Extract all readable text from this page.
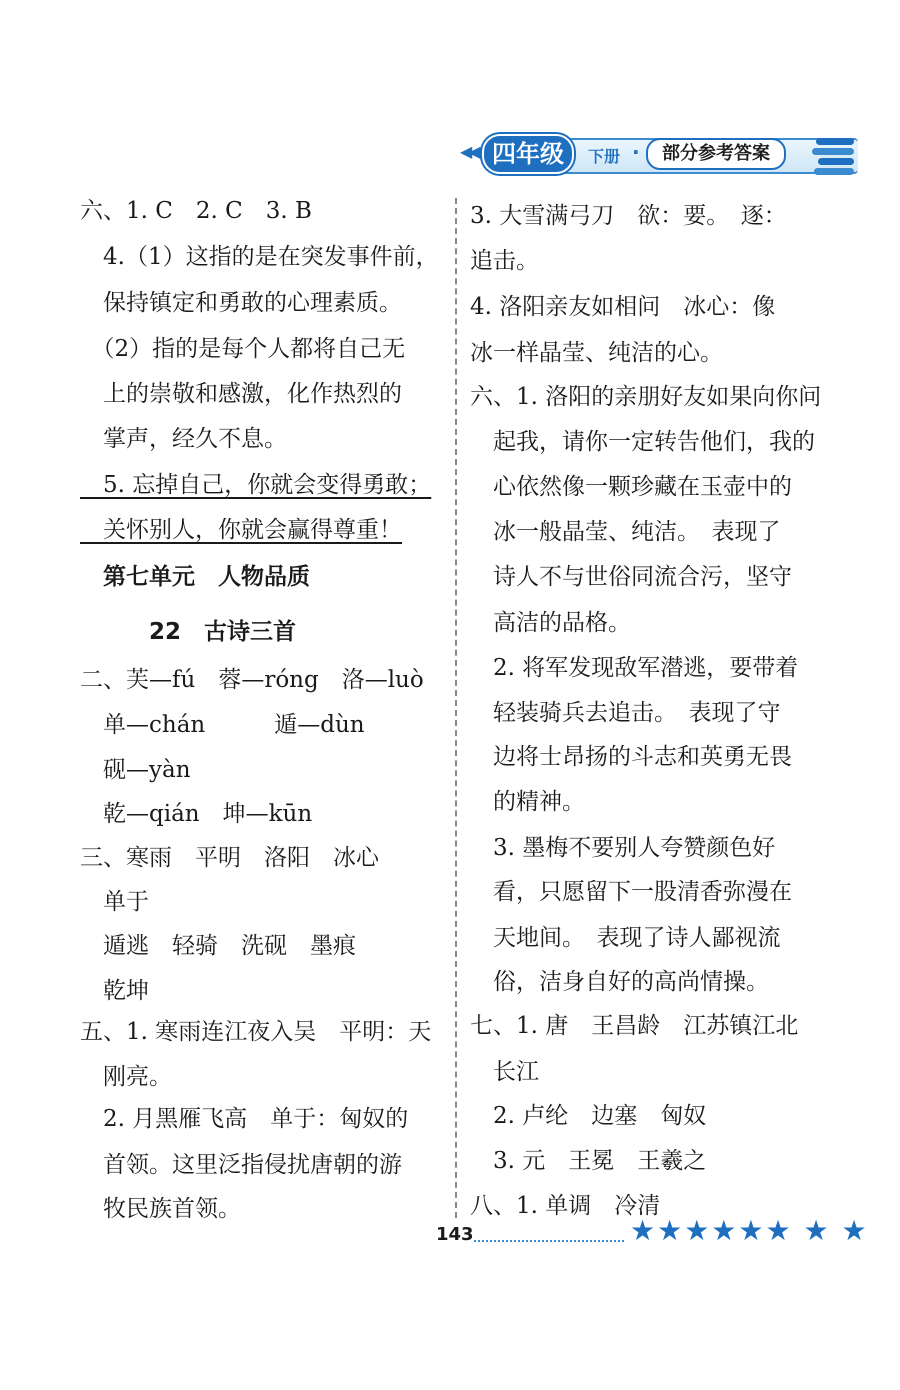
◀◀ 四年级	下册 ·	部分参考答案
六、1. C　2. C　3. B
　4.（1）这指的是在突发事件前，
　保持镇定和勇敢的心理素质。
　（2）指的是每个人都将自己无
　上的崇敬和感激，化作热烈的
　掌声，经久不息。
　5. 忘掉自己，你就会变得勇敢；
　关怀别人，你就会赢得尊重！
　第七单元　人物品质
　　　22　古诗三首
二、芙—fú　蓉—róng　洛—luò
　单—chán　　　遁—dùn
　砚—yàn
　乾—qián　坤—kūn
三、寒雨　平明　洛阳　冰心
　单于
　遁逃　轻骑　洗砚　墨痕
　乾坤
五、1. 寒雨连江夜入吴　平明：天
　刚亮。
　2. 月黑雁飞高　单于：匈奴的
　首领。这里泛指侵扰唐朝的游
　牧民族首领。
3. 大雪满弓刀　欲：要。　逐：
追击。
4. 洛阳亲友如相问　冰心：像
冰一样晶莹、纯洁的心。
六、1. 洛阳的亲朋好友如果向你问
　起我，请你一定转告他们，我的
　心依然像一颗珍藏在玉壶中的
　冰一般晶莹、纯洁。　表现了
　诗人不与世俗同流合污，坚守
　高洁的品格。
　2. 将军发现敌军潜逃，要带着
　轻装骑兵去追击。　表现了守
　边将士昂扬的斗志和英勇无畏
　的精神。
　3. 墨梅不要别人夸赞颜色好
　看，只愿留下一股清香弥漫在
　天地间。　表现了诗人鄙视流
　俗，洁身自好的高尚情操。
七、1. 唐　王昌龄　江苏镇江北
　长江
　2. 卢纶　边塞　匈奴
　3. 元　王冕　王羲之
八、1. 单调　冷清
143	★★★★★★ ★ ★
